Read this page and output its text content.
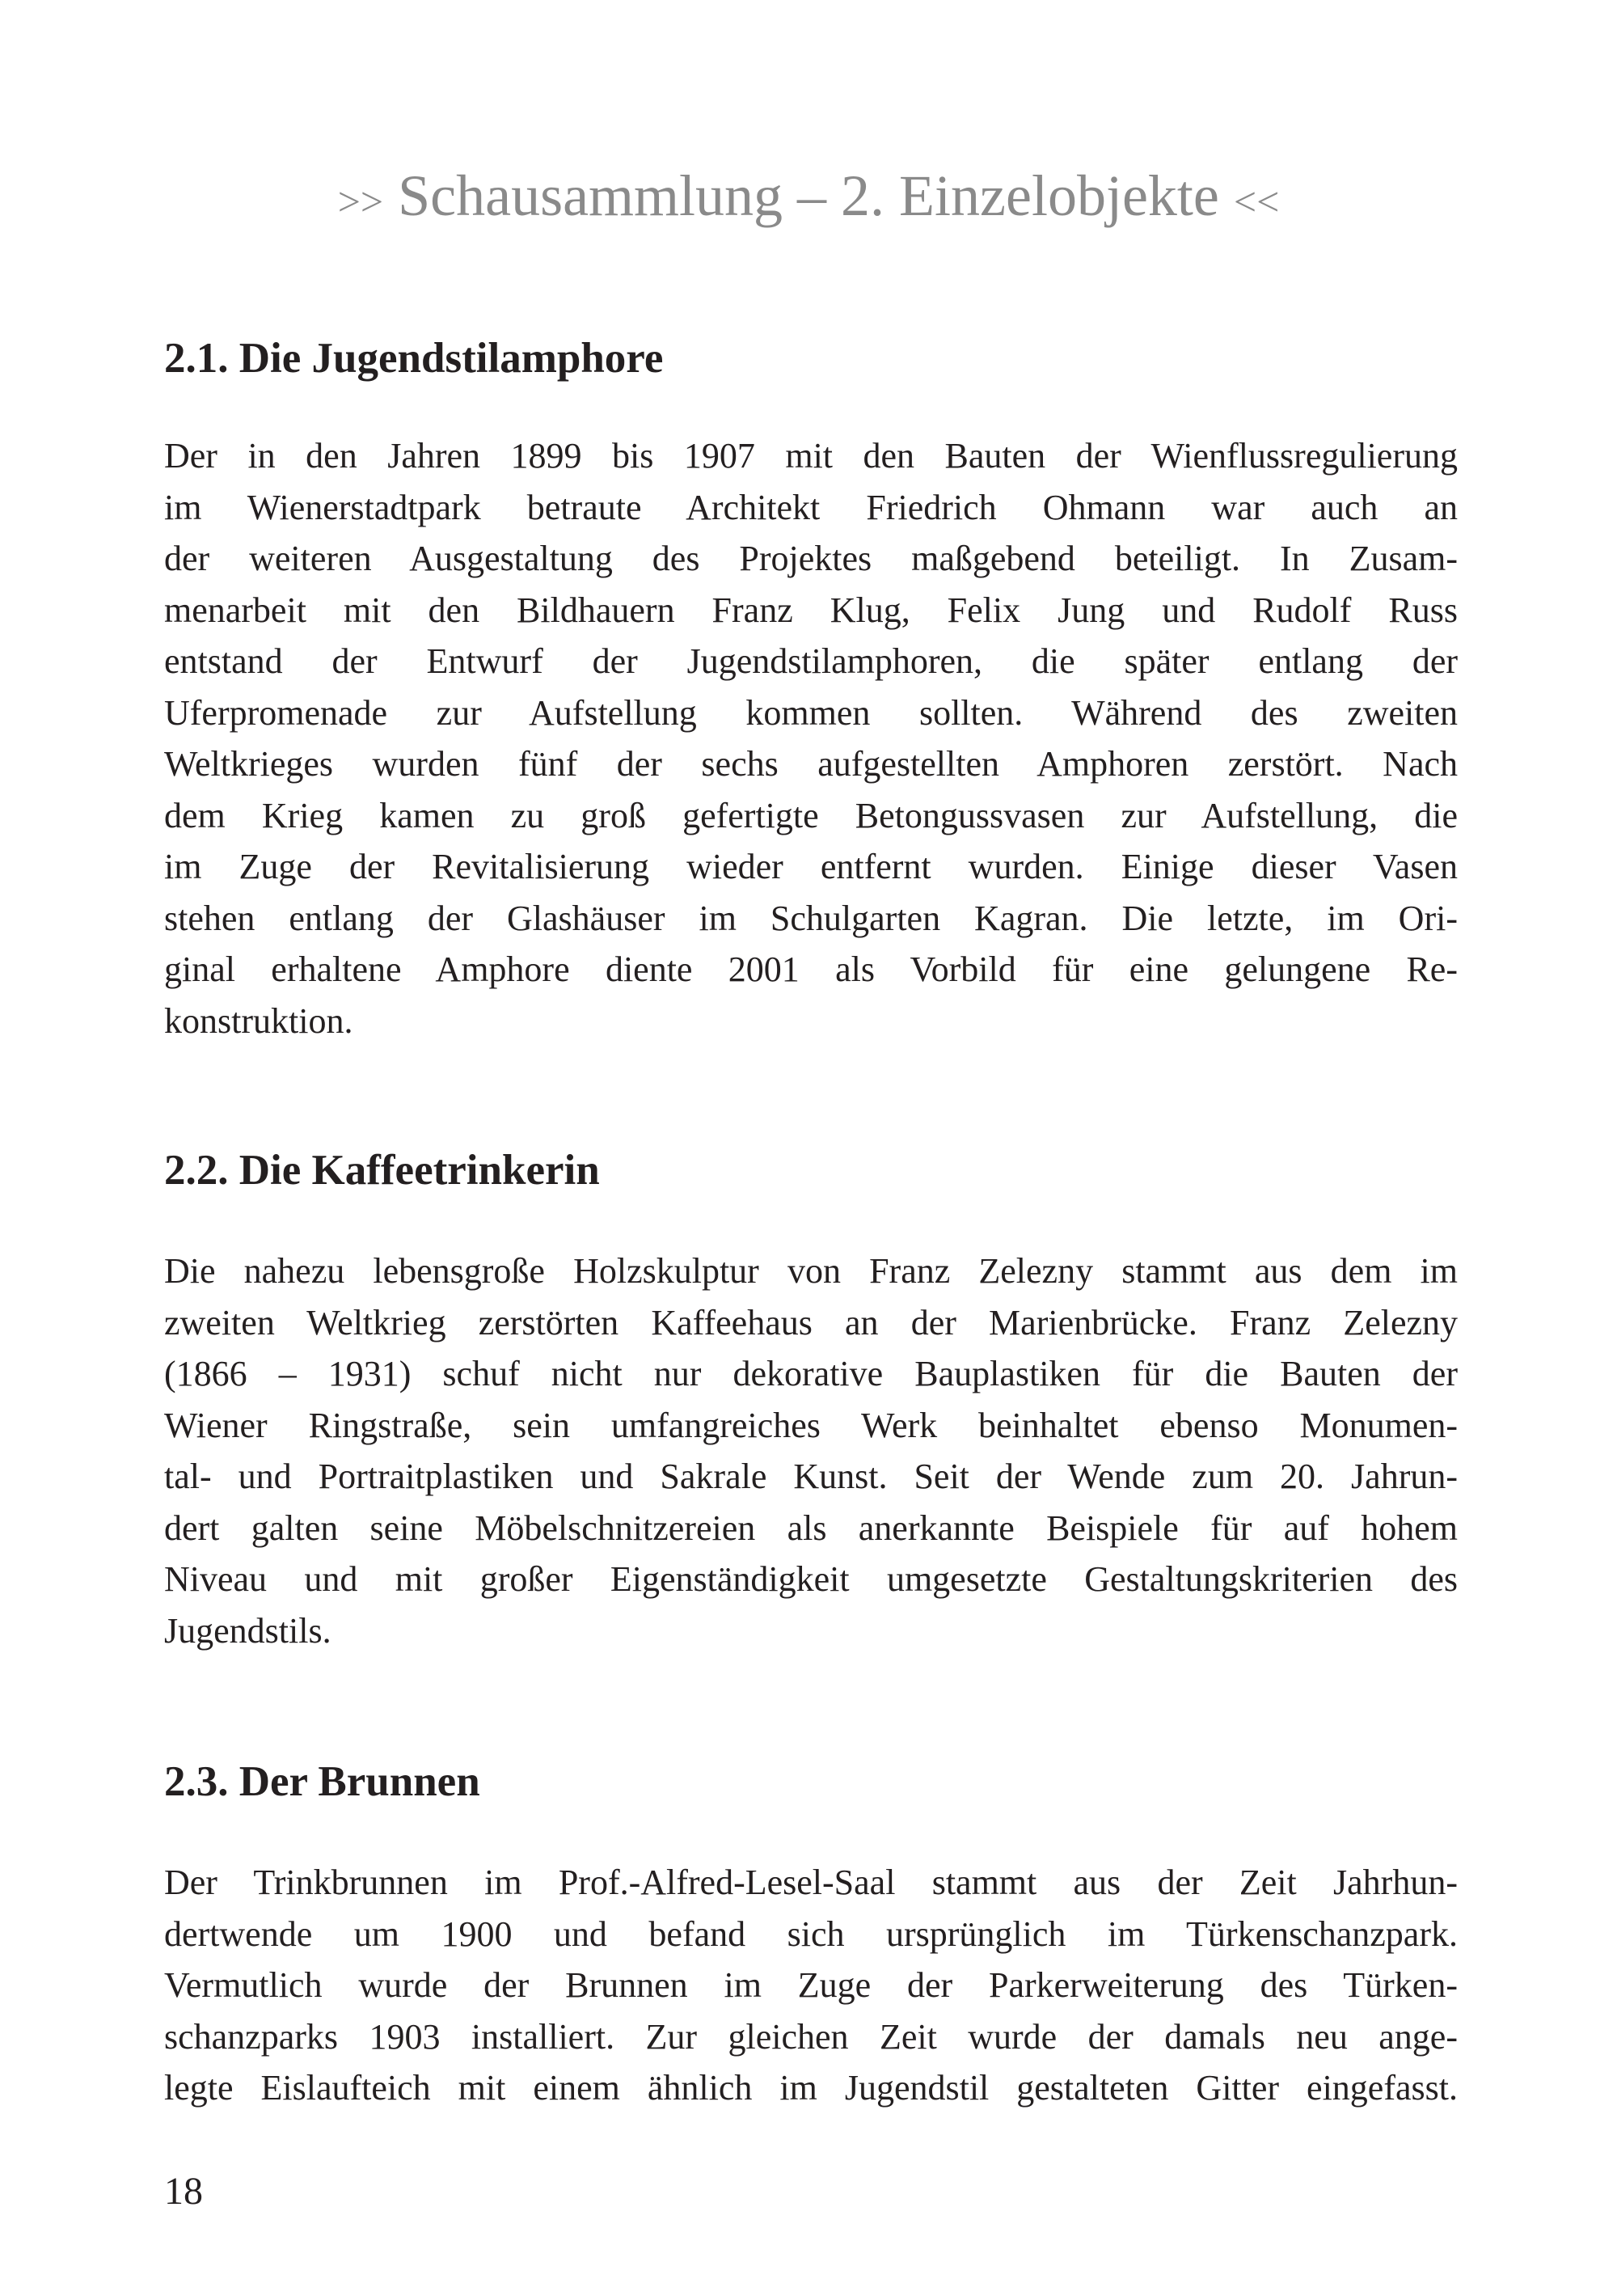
>> Schausammlung – 2. Einzelobjekte <<
2.1. Die Jugendstilamphore
Der in den Jahren 1899 bis 1907 mit den Bauten der Wienflussregulierung
im Wienerstadtpark betraute Architekt Friedrich Ohmann war auch an
der weiteren Ausgestaltung des Projektes maßgebend beteiligt. In Zusam-
menarbeit mit den Bildhauern Franz Klug, Felix Jung und Rudolf Russ
entstand der Entwurf der Jugendstilamphoren, die später entlang der
Uferpromenade zur Aufstellung kommen sollten. Während des zweiten
Weltkrieges wurden fünf der sechs aufgestellten Amphoren zerstört. Nach
dem Krieg kamen zu groß gefertigte Betongussvasen zur Aufstellung, die
im Zuge der Revitalisierung wieder entfernt wurden. Einige dieser Vasen
stehen entlang der Glashäuser im Schulgarten Kagran. Die letzte, im Ori-
ginal erhaltene Amphore diente 2001 als Vorbild für eine gelungene Re-
konstruktion.
2.2. Die Kaffeetrinkerin
Die nahezu lebensgroße Holzskulptur von Franz Zelezny stammt aus dem im
zweiten Weltkrieg zerstörten Kaffeehaus an der Marienbrücke. Franz Zelezny
(1866 – 1931) schuf nicht nur dekorative Bauplastiken für die Bauten der
Wiener Ringstraße, sein umfangreiches Werk beinhaltet ebenso Monumen-
tal- und Portraitplastiken und Sakrale Kunst. Seit der Wende zum 20. Jahrun-
dert galten seine Möbelschnitzereien als anerkannte Beispiele für auf hohem
Niveau und mit großer Eigenständigkeit umgesetzte Gestaltungskriterien des
Jugendstils.
2.3. Der Brunnen
Der Trinkbrunnen im Prof.-Alfred-Lesel-Saal stammt aus der Zeit Jahrhun-
dertwende um 1900 und befand sich ursprünglich im Türkenschanzpark.
Vermutlich wurde der Brunnen im Zuge der Parkerweiterung des Türken-
schanzparks 1903 installiert. Zur gleichen Zeit wurde der damals neu ange-
legte Eislaufteich mit einem ähnlich im Jugendstil gestalteten Gitter eingefasst.
18
